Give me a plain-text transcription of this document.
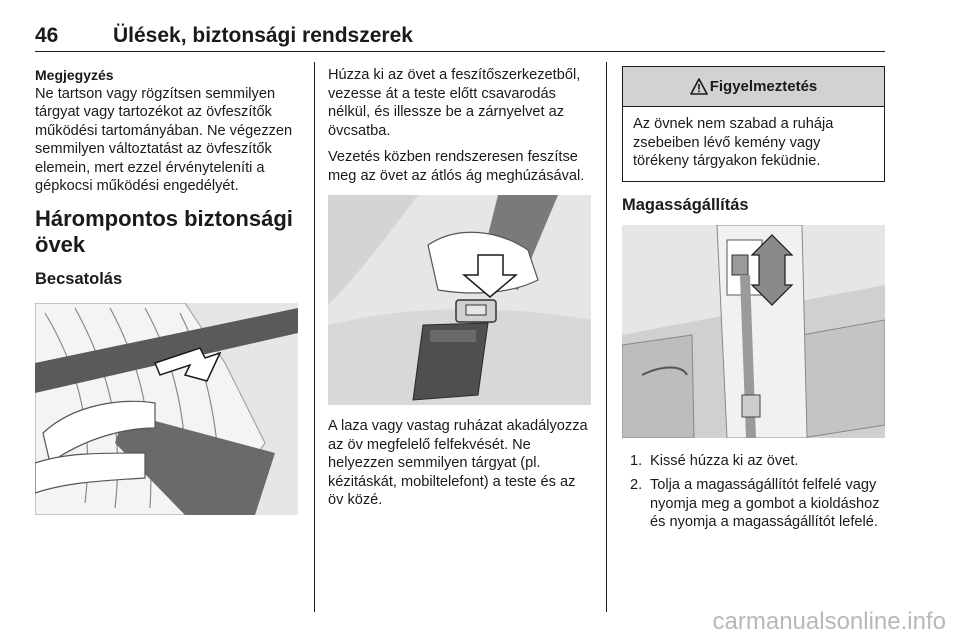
46	Ülések, biztonsági rendszerek
Megjegyzés
Ne tartson vagy rögzítsen semmilyen tárgyat vagy tartozékot az övfeszítők működési tartományában. Ne végezzen semmilyen változtatást az övfeszítők elemein, mert ezzel érvényteleníti a gépkocsi működési engedélyét.
Hárompontos biztonsági övek
Becsatolás
Húzza ki az övet a feszítőszerkezetből, vezesse át a teste előtt csavarodás nélkül, és illessze be a zárnyelvet az övcsatba.
Vezetés közben rendszeresen feszítse meg az övet az átlós ág meghúzásával.
A laza vagy vastag ruházat akadályozza az öv megfelelő felfekvését. Ne helyezzen semmilyen tárgyat (pl. kézitáskát, mobiltelefont) a teste és az öv közé.
Figyelmeztetés
Az övnek nem szabad a ruhája zsebeiben lévő kemény vagy törékeny tárgyakon feküdnie.
Magasságállítás
1. Kissé húzza ki az övet.
2. Tolja a magasságállítót felfelé vagy nyomja meg a gombot a kioldáshoz és nyomja a magasságállítót lefelé.
carmanualsonline.info
